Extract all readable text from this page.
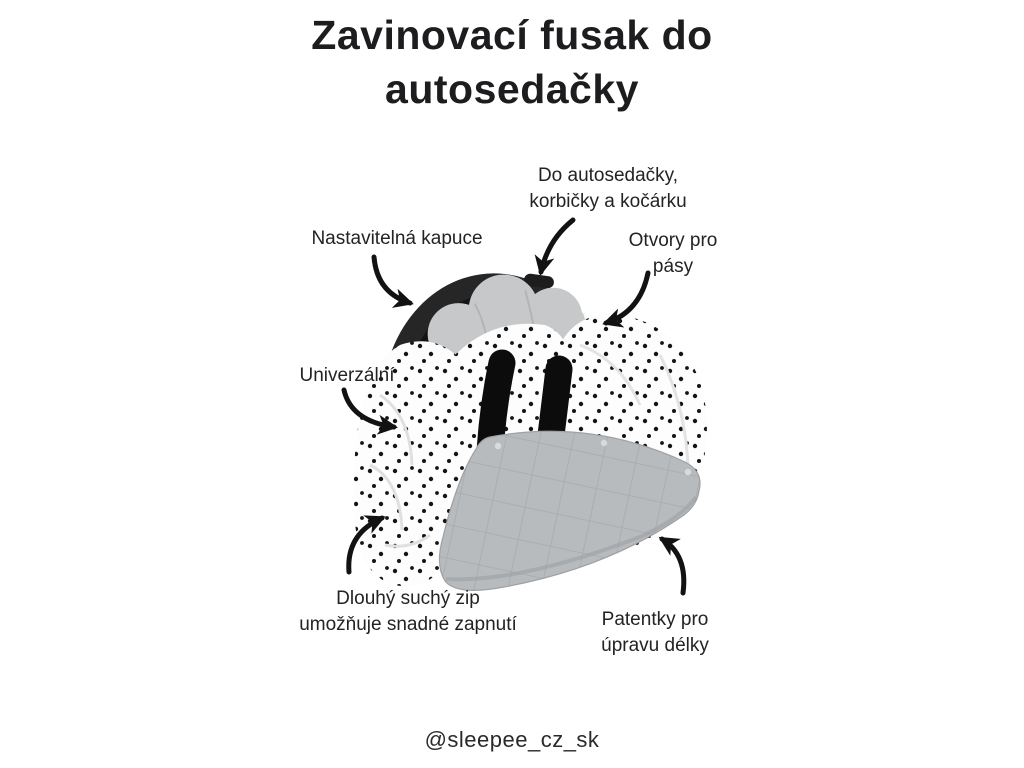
Zavinovací fusak do
autosedačky
Do autosedačky,
korbičky a kočárku
Nastavitelná kapuce	Otvory pro
pásy
Univerzální
Dlouhý suchý zip
umožňuje snadné zapnutí	Patentky pro
úpravu délky
@sleepee_cz_sk
